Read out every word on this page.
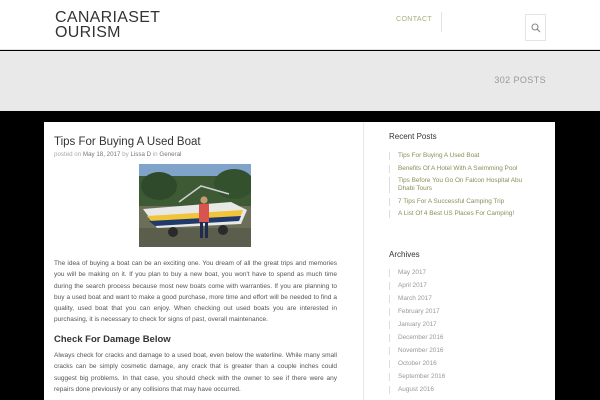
CANARIASET
OURISM
CONTACT
302 POSTS
Tips For Buying A Used Boat
posted on May 18, 2017 by Lissa D in General
The idea of buying a boat can be an exciting one. You dream of all the great trips and memories you will be making on it. If you plan to buy a new boat, you won't have to spend as much time during the search process because most new boats come with warranties. If you are planning to buy a used boat and want to make a good purchase, more time and effort will be needed to find a quality, used boat that you can enjoy. When checking out used boats you are interested in purchasing, it is necessary to check for signs of past, overall maintenance.
Check For Damage Below
Always check for cracks and damage to a used boat, even below the waterline. While many small cracks can be simply cosmetic damage, any crack that is greater than a couple inches could suggest big problems. In that case, you should check with the owner to see if there were any repairs done previously or any collisions that may have occurred.
Recent Posts
Tips For Buying A Used Boat
Benefits Of A Hotel With A Swimming Pool
Tips Before You Go On Falcon Hospital Abu Dhabi Tours
7 Tips For A Successful Camping Trip
A List Of 4 Best US Places For Camping!
Archives
May 2017
April 2017
March 2017
February 2017
January 2017
December 2016
November 2016
October 2016
September 2016
August 2016
